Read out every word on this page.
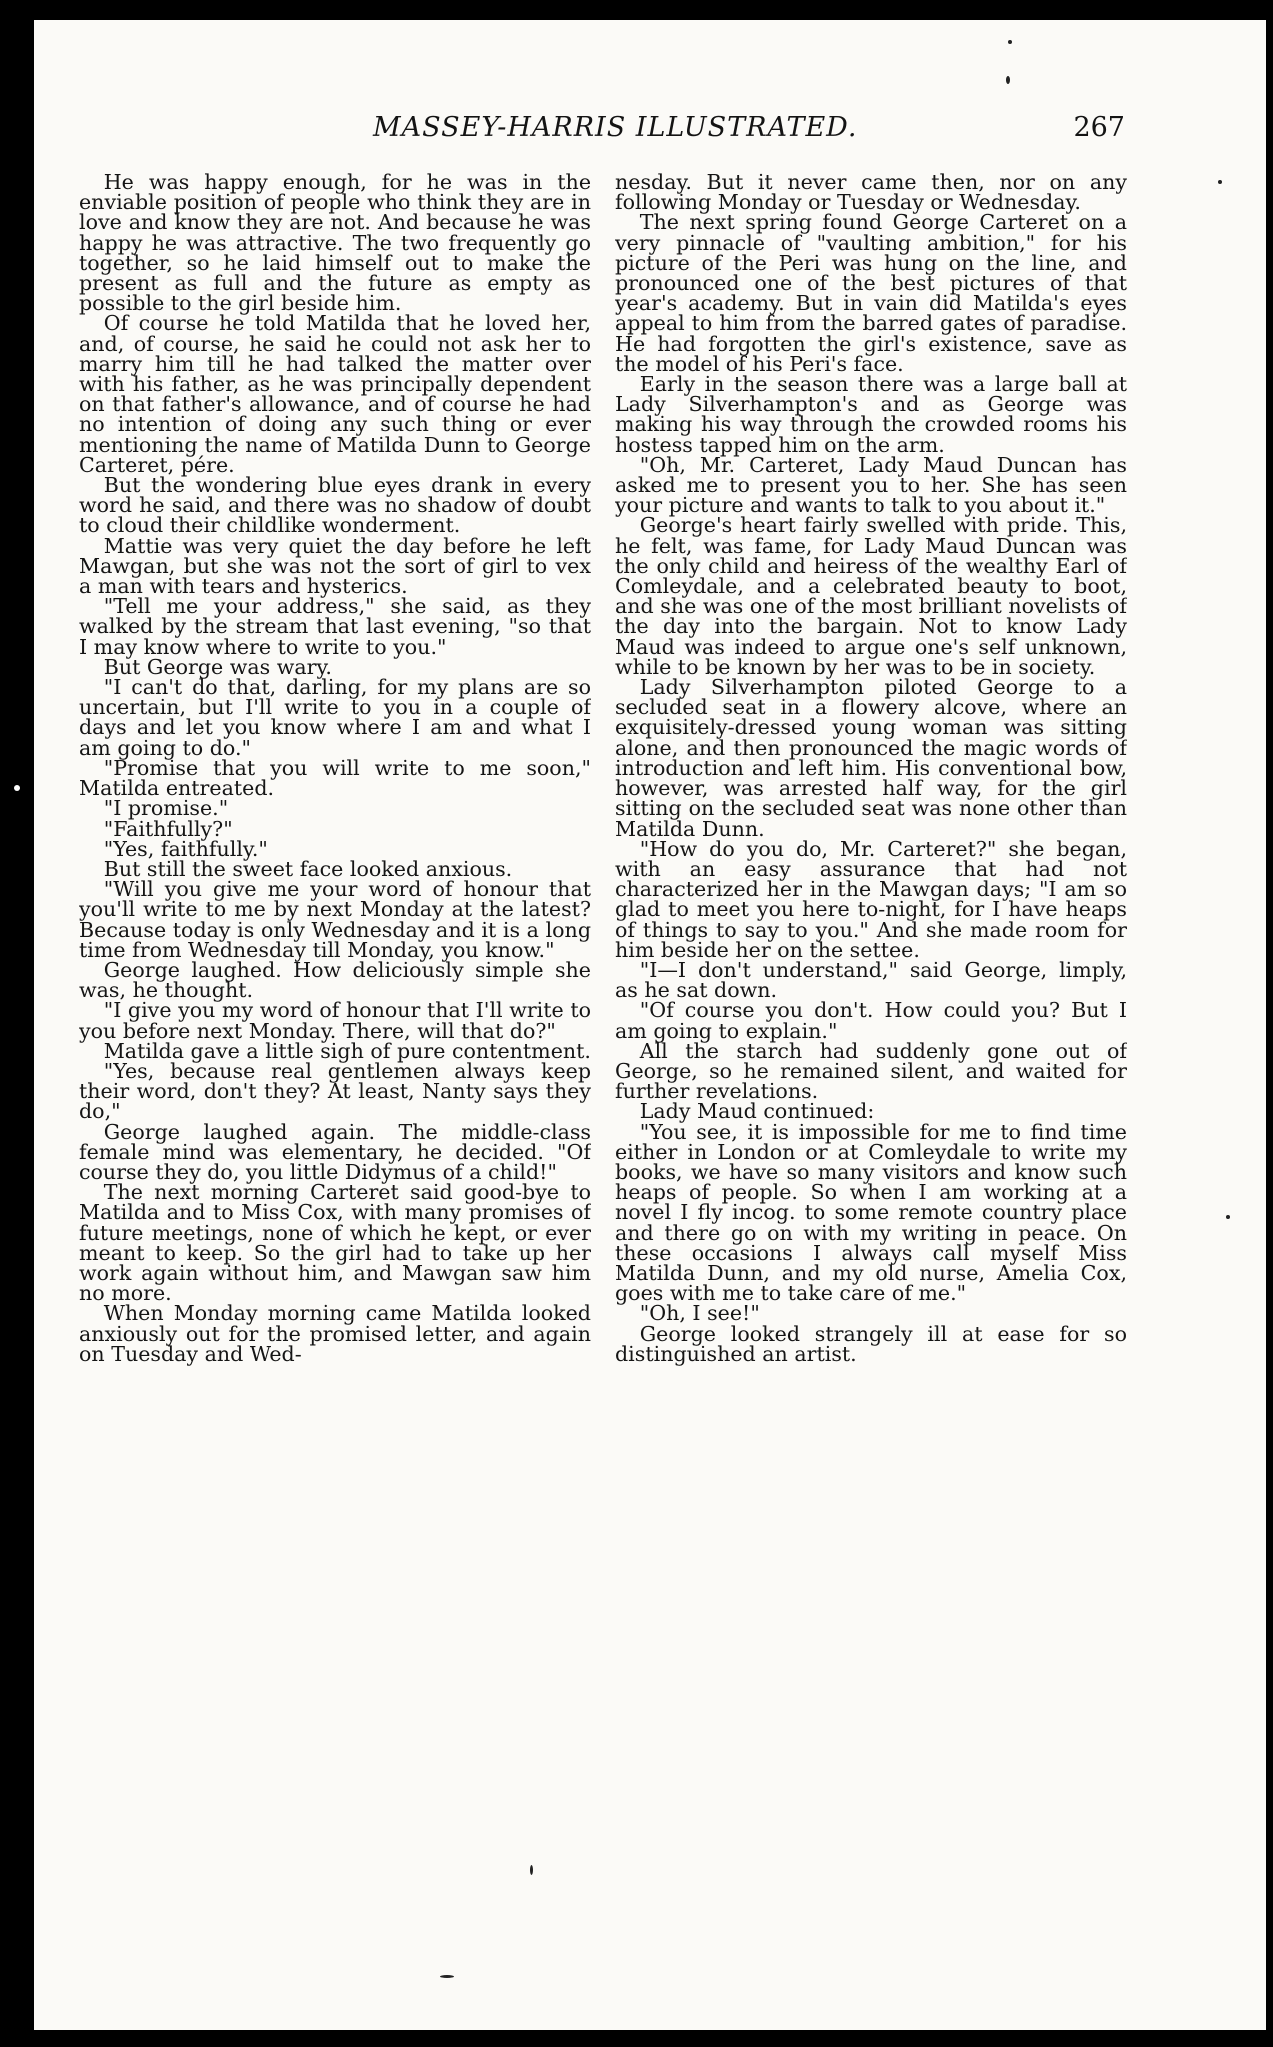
MASSEY-HARRIS ILLUSTRATED.	267

He was happy enough, for he was in the enviable position of people who think they are in love and know they are not. And because he was happy he was attractive. The two frequently go together, so he laid himself out to make the present as full and the future as empty as possible to the girl beside him.

Of course he told Matilda that he loved her, and, of course, he said he could not ask her to marry him till he had talked the matter over with his father, as he was principally dependent on that father's allowance, and of course he had no intention of doing any such thing or ever mentioning the name of Matilda Dunn to George Carteret, pére.

But the wondering blue eyes drank in every word he said, and there was no shadow of doubt to cloud their childlike wonderment.

Mattie was very quiet the day before he left Mawgan, but she was not the sort of girl to vex a man with tears and hysterics.

"Tell me your address," she said, as they walked by the stream that last evening, "so that I may know where to write to you."

But George was wary.

"I can't do that, darling, for my plans are so uncertain, but I'll write to you in a couple of days and let you know where I am and what I am going to do."

"Promise that you will write to me soon," Matilda entreated.

"I promise."

"Faithfully?"

"Yes, faithfully."

But still the sweet face looked anxious.

"Will you give me your word of honour that you'll write to me by next Monday at the latest? Because today is only Wednesday and it is a long time from Wednesday till Monday, you know."

George laughed. How deliciously simple she was, he thought.

"I give you my word of honour that I'll write to you before next Monday. There, will that do?"

Matilda gave a little sigh of pure contentment.

"Yes, because real gentlemen always keep their word, don't they? At least, Nanty says they do,"

George laughed again. The middle-class female mind was elementary, he decided. "Of course they do, you little Didymus of a child!"

The next morning Carteret said good-bye to Matilda and to Miss Cox, with many promises of future meetings, none of which he kept, or ever meant to keep. So the girl had to take up her work again without him, and Mawgan saw him no more.

When Monday morning came Matilda looked anxiously out for the promised letter, and again on Tuesday and Wed-

nesday. But it never came then, nor on any following Monday or Tuesday or Wednesday.

The next spring found George Carteret on a very pinnacle of "vaulting ambition," for his picture of the Peri was hung on the line, and pronounced one of the best pictures of that year's academy. But in vain did Matilda's eyes appeal to him from the barred gates of paradise. He had forgotten the girl's existence, save as the model of his Peri's face.

Early in the season there was a large ball at Lady Silverhampton's and as George was making his way through the crowded rooms his hostess tapped him on the arm.

"Oh, Mr. Carteret, Lady Maud Duncan has asked me to present you to her. She has seen your picture and wants to talk to you about it."

George's heart fairly swelled with pride. This, he felt, was fame, for Lady Maud Duncan was the only child and heiress of the wealthy Earl of Comleydale, and a celebrated beauty to boot, and she was one of the most brilliant novelists of the day into the bargain. Not to know Lady Maud was indeed to argue one's self unknown, while to be known by her was to be in society.

Lady Silverhampton piloted George to a secluded seat in a flowery alcove, where an exquisitely-dressed young woman was sitting alone, and then pronounced the magic words of introduction and left him. His conventional bow, however, was arrested half way, for the girl sitting on the secluded seat was none other than Matilda Dunn.

"How do you do, Mr. Carteret?" she began, with an easy assurance that had not characterized her in the Mawgan days; "I am so glad to meet you here to-night, for I have heaps of things to say to you." And she made room for him beside her on the settee.

"I—I don't understand," said George, limply, as he sat down.

"Of course you don't. How could you? But I am going to explain."

All the starch had suddenly gone out of George, so he remained silent, and waited for further revelations.

Lady Maud continued:

"You see, it is impossible for me to find time either in London or at Comleydale to write my books, we have so many visitors and know such heaps of people. So when I am working at a novel I fly incog. to some remote country place and there go on with my writing in peace. On these occasions I always call myself Miss Matilda Dunn, and my old nurse, Amelia Cox, goes with me to take care of me."

"Oh, I see!"

George looked strangely ill at ease for so distinguished an artist.
